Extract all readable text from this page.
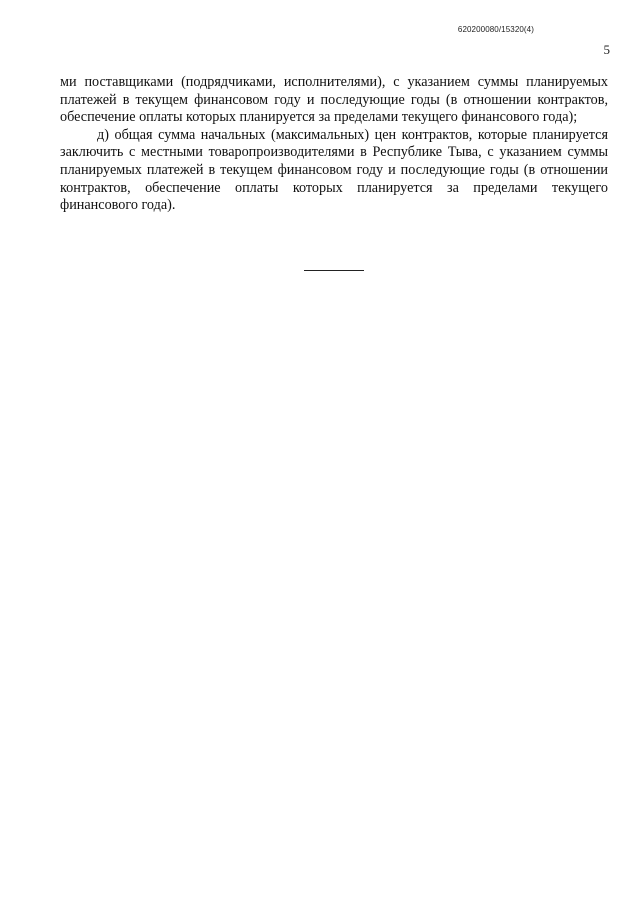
620200080/15320(4)
5

ми поставщиками (подрядчиками, исполнителями), с указанием суммы планируемых платежей в текущем финансовом году и последующие годы (в отношении контрактов, обеспечение оплаты которых планируется за пределами текущего финансового года);

д) общая сумма начальных (максимальных) цен контрактов, которые планируется заключить с местными товаропроизводителями в Республике Тыва, с указанием суммы планируемых платежей в текущем финансовом году и последующие годы (в отношении контрактов, обеспечение оплаты которых планируется за пределами текущего финансового года).
